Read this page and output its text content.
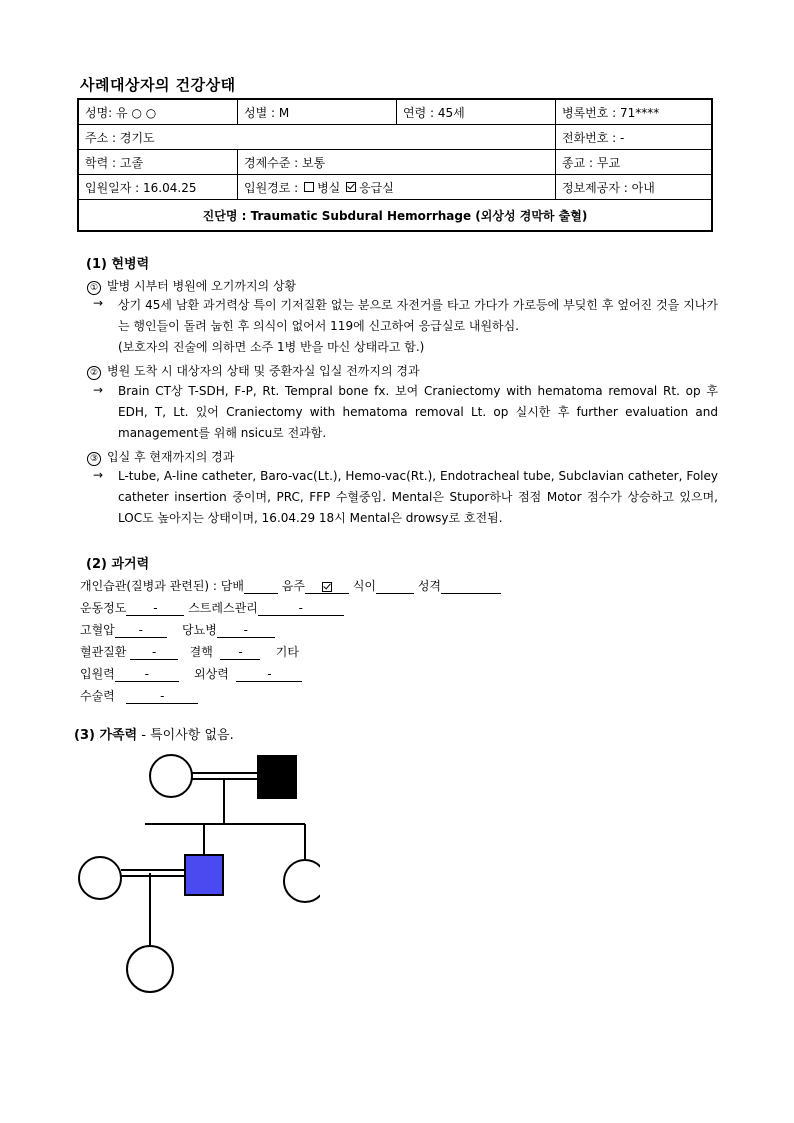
사례대상자의 건강상태
성명: 유 ○ ○	성별 : M	연령 : 45세	병록번호 : 71****
주소 : 경기도			전화번호 : -
학력 : 고졸	경제수준 : 보통		종교 : 무교
입원일자 : 16.04.25	입원경로 : 병실 응급실		정보제공자 : 아내
진단명 : Traumatic Subdural Hemorrhage (외상성 경막하 출혈)			
(1) 현병력
① 발병 시부터 병원에 오기까지의 상황
→ 상기 45세 남환 과거력상 특이 기저질환 없는 분으로 자전거를 타고 가다가 가로등에 부딪힌 후 엎어진 것을 지나가는 행인들이 돌려 눕힌 후 의식이 없어서 119에 신고하여 응급실로 내원하심.
(보호자의 진술에 의하면 소주 1병 반을 마신 상태라고 함.)
② 병원 도착 시 대상자의 상태 및 중환자실 입실 전까지의 경과
→ Brain CT상 T-SDH, F-P, Rt. Tempral bone fx. 보여 Craniectomy with hematoma removal Rt. op 후 EDH, T, Lt. 있어 Craniectomy with hematoma removal Lt. op 실시한 후 further evaluation and management를 위해 nsicu로 전과함.
③ 입실 후 현재까지의 경과
→ L-tube, A-line catheter, Baro-vac(Lt.), Hemo-vac(Rt.), Endotracheal tube, Subclavian catheter, Foley catheter insertion 중이며, PRC, FFP 수혈중임. Mental은 Stupor하나 점점 Motor 점수가 상승하고 있으며, LOC도 높아지는 상태이며, 16.04.29 18시 Mental은 drowsy로 호전됨.
(2) 과거력
개인습관(질병과 관련된) : 담배	음주	식이	성격
운동정도 -	스트레스관리	-
고혈압 -	당뇨병 -
혈관질환 -	결핵 -	기타
입원력 -	외상력	-
수술력	-
(3) 가족력 - 특이사항 없음.
